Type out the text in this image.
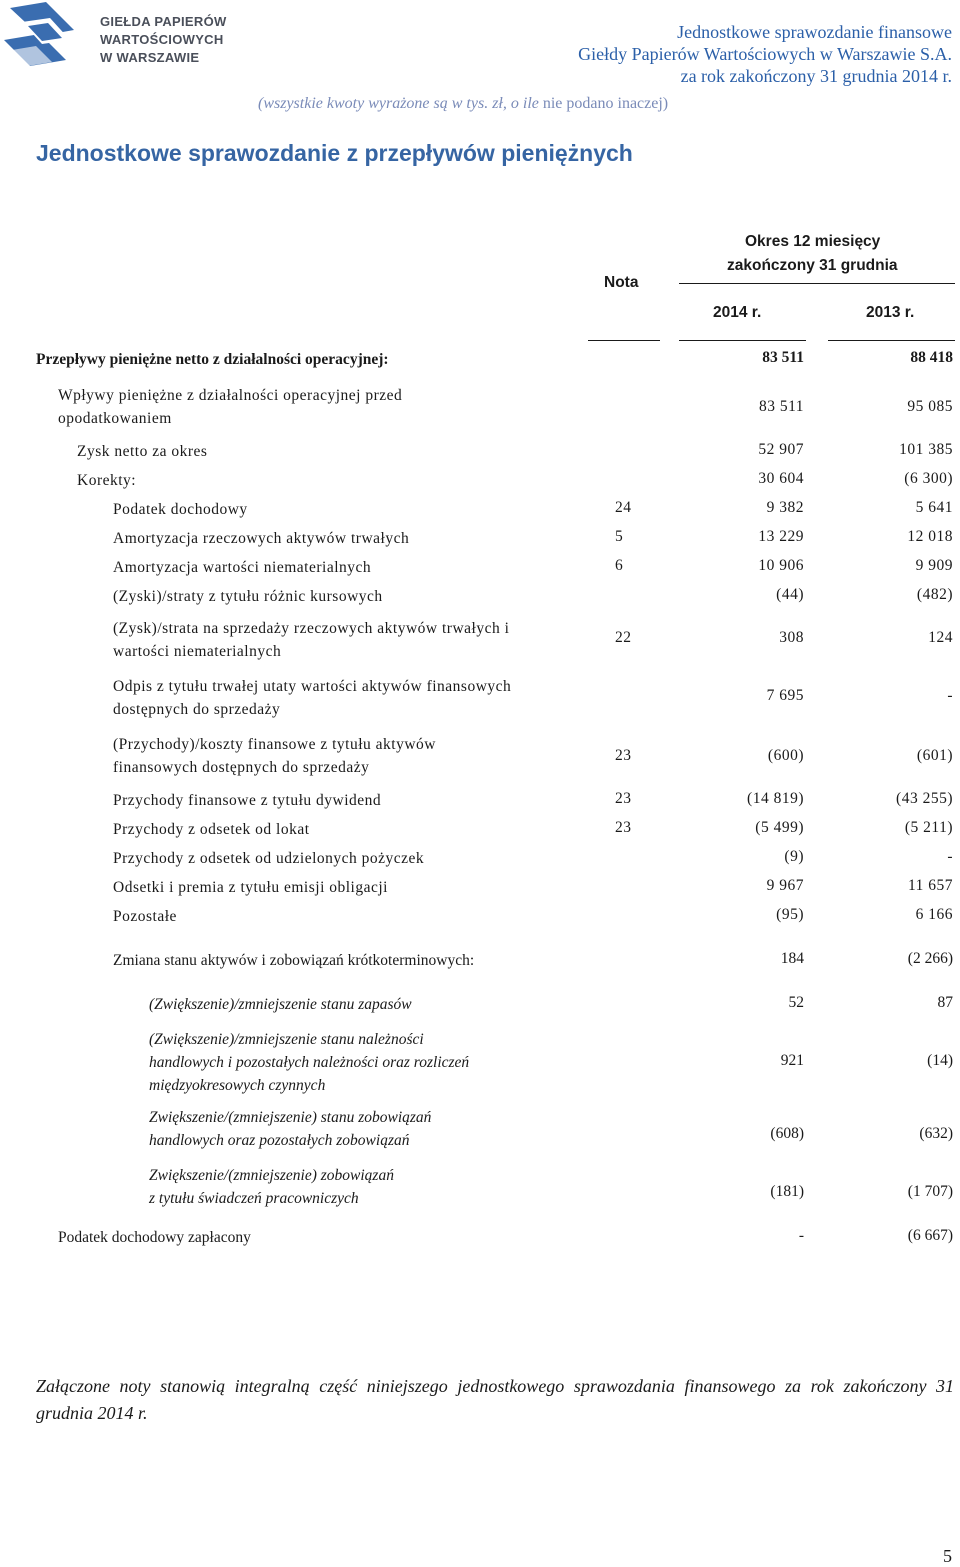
GIEŁDA PAPIERÓW
WARTOŚCIOWYCH
W WARSZAWIE
Jednostkowe sprawozdanie finansowe
Giełdy Papierów Wartościowych w Warszawie S.A.
za rok zakończony 31 grudnia 2014 r.
(wszystkie kwoty wyrażone są w tys. zł, o ile nie podano inaczej)
Jednostkowe sprawozdanie z przepływów pieniężnych
Nota
Okres 12 miesięcy
zakończony 31 grudnia
2014 r.	2013 r.
Przepływy pieniężne netto z działalności operacyjnej:	83 511	88 418
Wpływy pieniężne z działalności operacyjnej przed
opodatkowaniem
83 511	95 085
Zysk netto za okres	52 907	101 385
Korekty:	30 604	(6 300)
Podatek dochodowy	24	9 382	5 641
Amortyzacja rzeczowych aktywów trwałych	5	13 229	12 018
Amortyzacja wartości niematerialnych	6	10 906	9 909
(Zyski)/straty z tytułu różnic kursowych	(44)	(482)
(Zysk)/strata na sprzedaży rzeczowych aktywów trwałych i
wartości niematerialnych
22	308	124
Odpis z tytułu trwałej utaty wartości aktywów finansowych
dostępnych do sprzedaży
7 695	-
(Przychody)/koszty finansowe z tytułu aktywów
finansowych dostępnych do sprzedaży
23	(600)	(601)
Przychody finansowe z tytułu dywidend	23	(14 819)	(43 255)
Przychody z odsetek od lokat	23	(5 499)	(5 211)
Przychody z odsetek od udzielonych pożyczek	(9)	-
Odsetki i premia z tytułu emisji obligacji	9 967	11 657
Pozostałe	(95)	6 166
Zmiana stanu aktywów i zobowiązań krótkoterminowych:	184	(2 266)
(Zwiększenie)/zmniejszenie stanu zapasów	52	87
(Zwiększenie)/zmniejszenie stanu należności
handlowych i pozostałych należności oraz rozliczeń
międzyokresowych czynnych
921	(14)
Zwiększenie/(zmniejszenie) stanu zobowiązań
handlowych oraz pozostałych zobowiązań	(608)	(632)
Zwiększenie/(zmniejszenie) zobowiązań
z tytułu świadczeń pracowniczych	(181)	(1 707)
Podatek dochodowy zapłacony	-	(6 667)
Załączone noty stanowią integralną część niniejszego jednostkowego sprawozdania finansowego za rok zakończony 31 grudnia 2014 r.
5
